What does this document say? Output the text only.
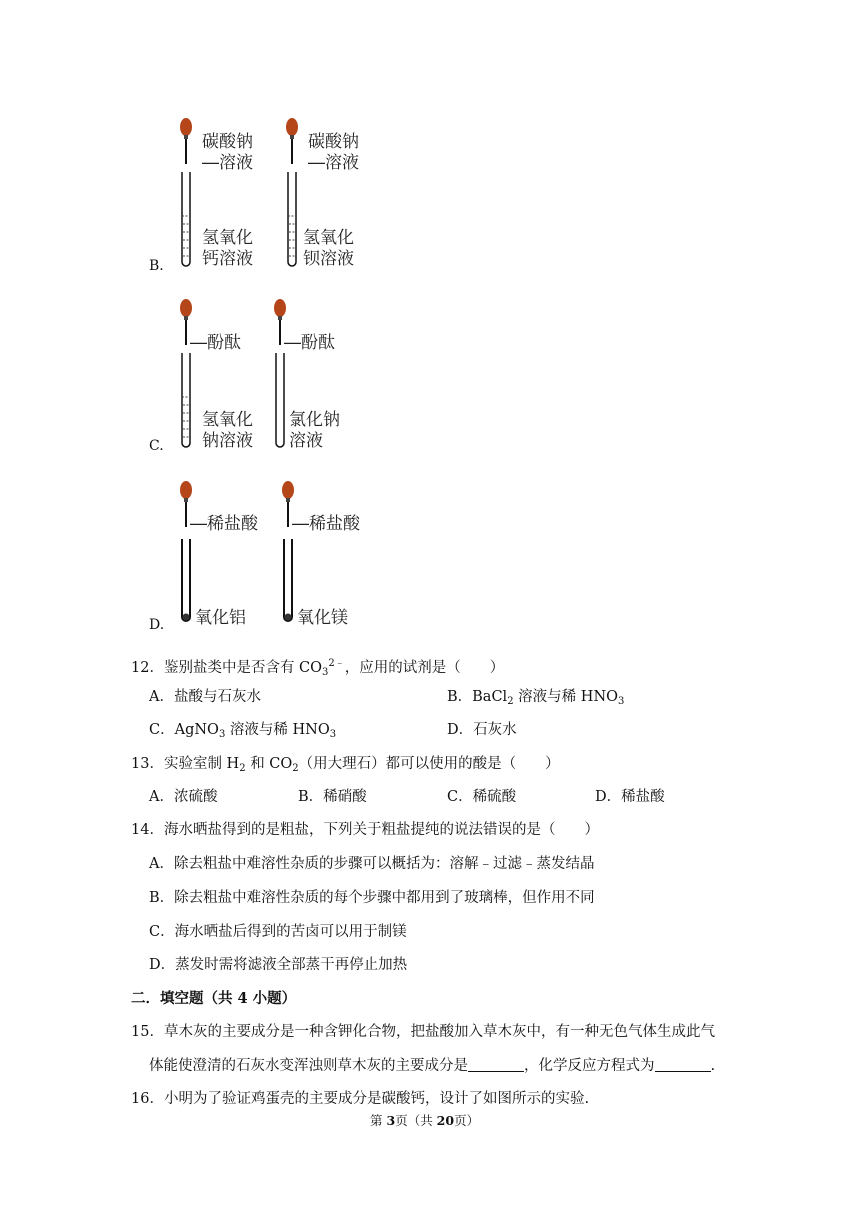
B.
碳酸钠
―溶液
氢氧化
钙溶液
碳酸钠
―溶液
氢氧化
钡溶液
C.
―酚酞
氢氧化
钠溶液
―酚酞
氯化钠
溶液
D.
―稀盐酸
氧化铝
―稀盐酸
氧化镁
12．鉴别盐类中是否含有 $CO_3^{2﹣}$，应用的试剂是（　　）
A．盐酸与石灰水	B．BaCl$_2$ 溶液与稀 $HNO_3$
C．AgNO$_3$ 溶液与稀 $HNO_3$	D．石灰水
13．实验室制 $H_2$ 和 $CO_2$（用大理石）都可以使用的酸是（　　）
A．浓硫酸	B．稀硝酸	C．稀硫酸	D．稀盐酸
14．海水晒盐得到的是粗盐，下列关于粗盐提纯的说法错误的是（　　）
A．除去粗盐中难溶性杂质的步骤可以概括为：溶解﹣过滤﹣蒸发结晶
B．除去粗盐中难溶性杂质的每个步骤中都用到了玻璃棒，但作用不同
C．海水晒盐后得到的苦卤可以用于制镁
D．蒸发时需将滤液全部蒸干再停止加热
二．填空题（共 4 小题）
15．草木灰的主要成分是一种含钾化合物，把盐酸加入草木灰中，有一种无色气体生成此气
体能使澄清的石灰水变浑浊则草木灰的主要成分是	，化学反应方程式为	.
16．小明为了验证鸡蛋壳的主要成分是碳酸钙，设计了如图所示的实验.
第 3页（共 20页）
